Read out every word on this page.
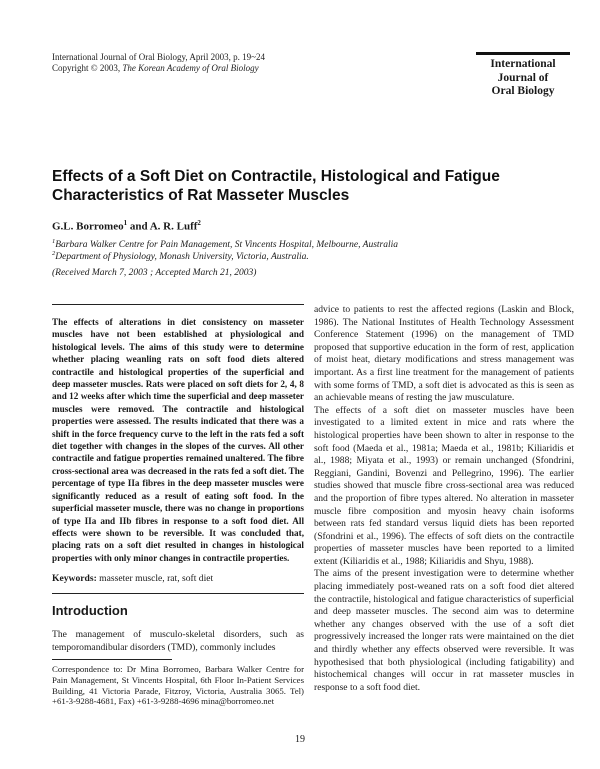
International Journal of Oral Biology, April 2003, p. 19~24
Copyright © 2003, The Korean Academy of Oral Biology	International
Journal of
Oral Biology
Effects of a Soft Diet on Contractile, Histological and Fatigue Characteristics of Rat Masseter Muscles
G.L. Borromeo$^1$ and A. R. Luff$^2$
$^1$Barbara Walker Centre for Pain Management, St Vincents Hospital, Melbourne, Australia
$^2$Department of Physiology, Monash University, Victoria, Australia.
(Received March 7, 2003 ; Accepted March 21, 2003)
The effects of alterations in diet consistency on masseter muscles have not been established at physiological and histological levels. The aims of this study were to determine whether placing weanling rats on soft food diets altered contractile and histological properties of the superficial and deep masseter muscles. Rats were placed on soft diets for 2, 4, 8 and 12 weeks after which time the superficial and deep masseter muscles were removed. The contractile and histological properties were assessed. The results indicated that there was a shift in the force frequency curve to the left in the rats fed a soft diet together with changes in the slopes of the curves. All other contractile and fatigue properties remained unaltered. The fibre cross-sectional area was decreased in the rats fed a soft diet. The percentage of type IIa fibres in the deep masseter muscles were significantly reduced as a result of eating soft food. In the superficial masseter muscle, there was no change in proportions of type IIa and IIb fibres in response to a soft food diet. All effects were shown to be reversible. It was concluded that, placing rats on a soft diet resulted in changes in histological properties with only minor changes in contractile properties.
Keywords: masseter muscle, rat, soft diet
Introduction
The management of musculo-skeletal disorders, such as temporomandibular disorders (TMD), commonly includes
Correspondence to: Dr Mina Borromeo, Barbara Walker Centre for Pain Management, St Vincents Hospital, 6th Floor In-Patient Services Building, 41 Victoria Parade, Fitzroy, Victoria, Australia 3065. Tel) +61-3-9288-4681, Fax) +61-3-9288-4696 mina@borromeo.net

advice to patients to rest the affected regions (Laskin and Block, 1986). The National Institutes of Health Technology Assessment Conference Statement (1996) on the management of TMD proposed that supportive education in the form of rest, application of moist heat, dietary modifications and stress management was important. As a first line treatment for the management of patients with some forms of TMD, a soft diet is advocated as this is seen as an achievable means of resting the jaw musculature.

The effects of a soft diet on masseter muscles have been investigated to a limited extent in mice and rats where the histological properties have been shown to alter in response to the soft food (Maeda et al., 1981a; Maeda et al., 1981b; Kiliaridis et al., 1988; Miyata et al., 1993) or remain unchanged (Sfondrini, Reggiani, Gandini, Bovenzi and Pellegrino, 1996). The earlier studies showed that muscle fibre cross-sectional area was reduced and the proportion of fibre types altered. No alteration in masseter muscle fibre composition and myosin heavy chain isoforms between rats fed standard versus liquid diets has been reported (Sfondrini et al., 1996). The effects of soft diets on the contractile properties of masseter muscles have been reported to a limited extent (Kiliaridis et al., 1988; Kiliaridis and Shyu, 1988).

The aims of the present investigation were to determine whether placing immediately post-weaned rats on a soft food diet altered the contractile, histological and fatigue characteristics of superficial and deep masseter muscles. The second aim was to determine whether any changes observed with the use of a soft diet progressively increased the longer rats were maintained on the diet and thirdly whether any effects observed were reversible. It was hypothesised that both physiological (including fatigability) and histochemical changes will occur in rat masseter muscles in response to a soft food diet.

19
